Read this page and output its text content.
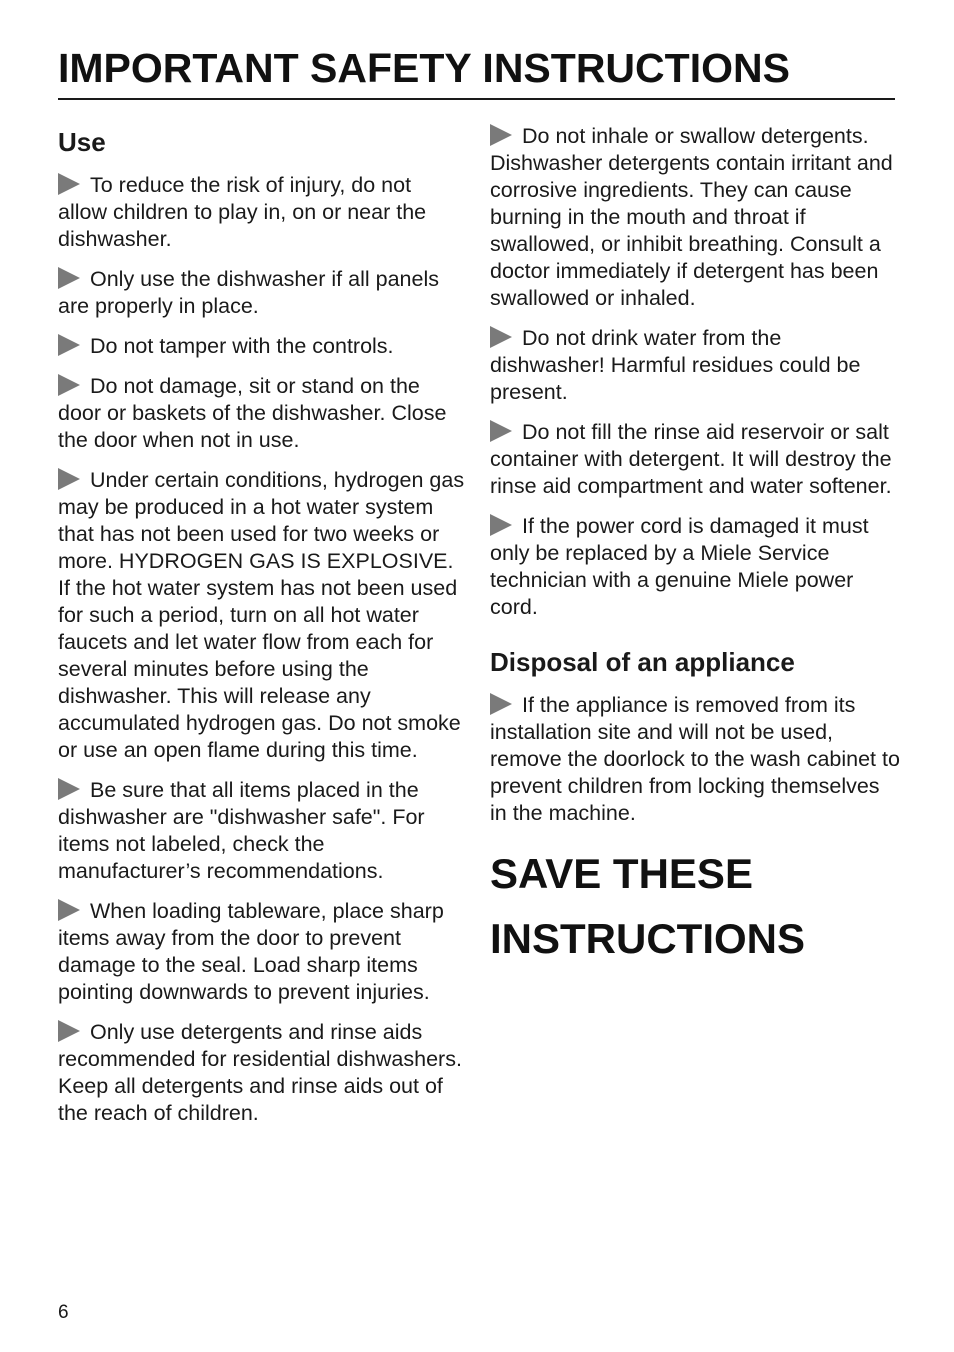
IMPORTANT SAFETY INSTRUCTIONS
Use

To reduce the risk of injury, do not allow children to play in, on or near the dishwasher.

Only use the dishwasher if all panels are properly in place.

Do not tamper with the controls.

Do not damage, sit or stand on the door or baskets of the dishwasher. Close the door when not in use.

Under certain conditions, hydrogen gas may be produced in a hot water system that has not been used for two weeks or more. HYDROGEN GAS IS EXPLOSIVE. If the hot water system has not been used for such a period, turn on all hot water faucets and let water flow from each for several minutes before using the dishwasher. This will release any accumulated hydrogen gas. Do not smoke or use an open flame during this time.

Be sure that all items placed in the dishwasher are "dishwasher safe". For items not labeled, check the manufacturer’s recommendations.

When loading tableware, place sharp items away from the door to prevent damage to the seal. Load sharp items pointing downwards to prevent injuries.

Only use detergents and rinse aids recommended for residential dishwashers. Keep all detergents and rinse aids out of the reach of children.

Do not inhale or swallow detergents. Dishwasher detergents contain irritant and corrosive ingredients. They can cause burning in the mouth and throat if swallowed, or inhibit breathing. Consult a doctor immediately if detergent has been swallowed or inhaled.

Do not drink water from the dishwasher! Harmful residues could be present.

Do not fill the rinse aid reservoir or salt container with detergent. It will destroy the rinse aid compartment and water softener.

If the power cord is damaged it must only be replaced by a Miele Service technician with a genuine Miele power cord.

Disposal of an appliance

If the appliance is removed from its installation site and will not be used, remove the doorlock to the wash cabinet to prevent children from locking themselves in the machine.

SAVE THESE
INSTRUCTIONS
6
